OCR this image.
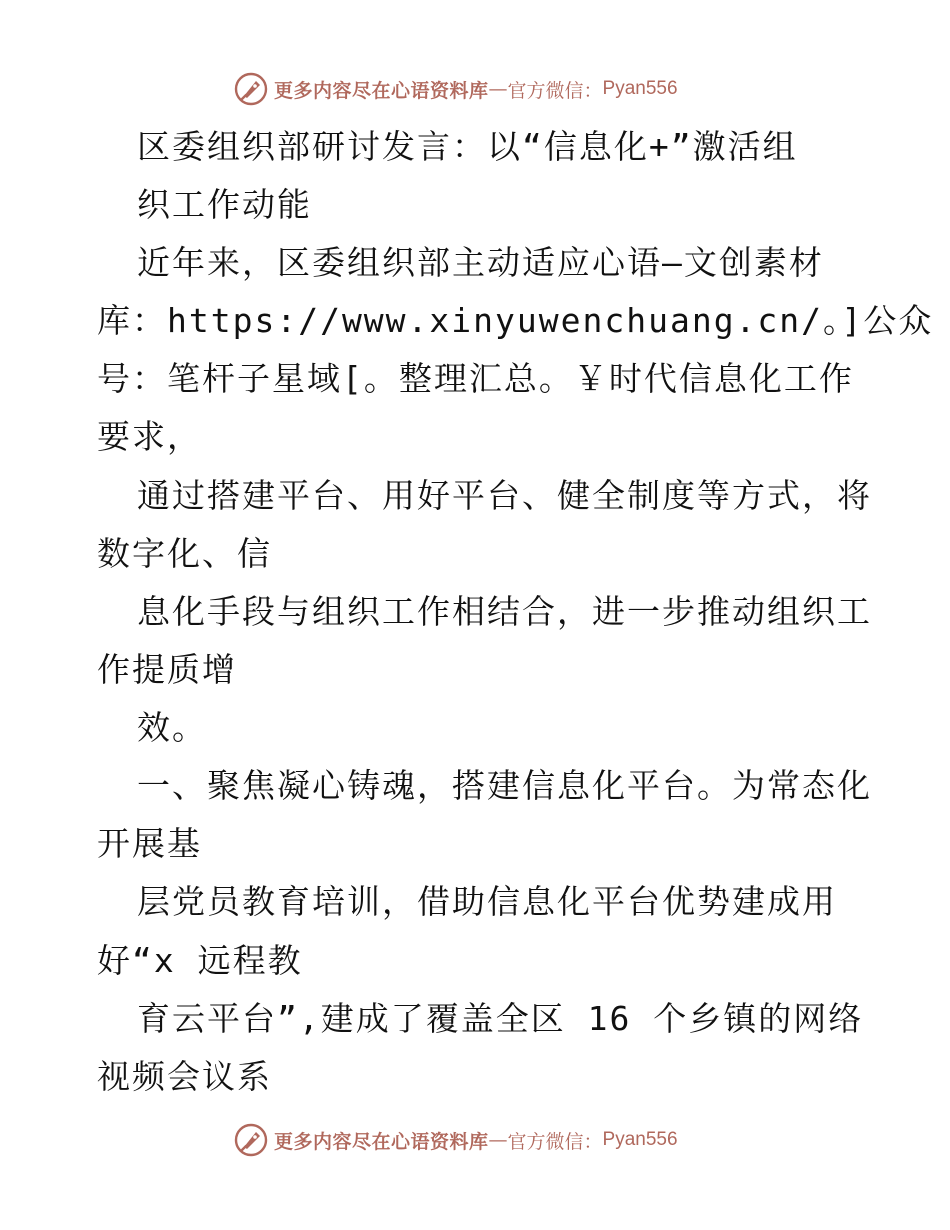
更多内容尽在心语资料库 — 官方微信： Pyan556
区委组织部研讨发言：以“信息化+”激活组
织工作动能
近年来，区委组织部主动适应心语—文创素材
库：https://www.xinyuwenchuang.cn/。]公众
号：笔杆子星域[。整理汇总。￥时代信息化工作
要求，
通过搭建平台、用好平台、健全制度等方式，将
数字化、信
息化手段与组织工作相结合，进一步推动组织工
作提质增
效。
一、聚焦凝心铸魂，搭建信息化平台。为常态化
开展基
层党员教育培训，借助信息化平台优势建成用
好“x 远程教
育云平台”,建成了覆盖全区 16 个乡镇的网络
视频会议系
更多内容尽在心语资料库 — 官方微信： Pyan556
